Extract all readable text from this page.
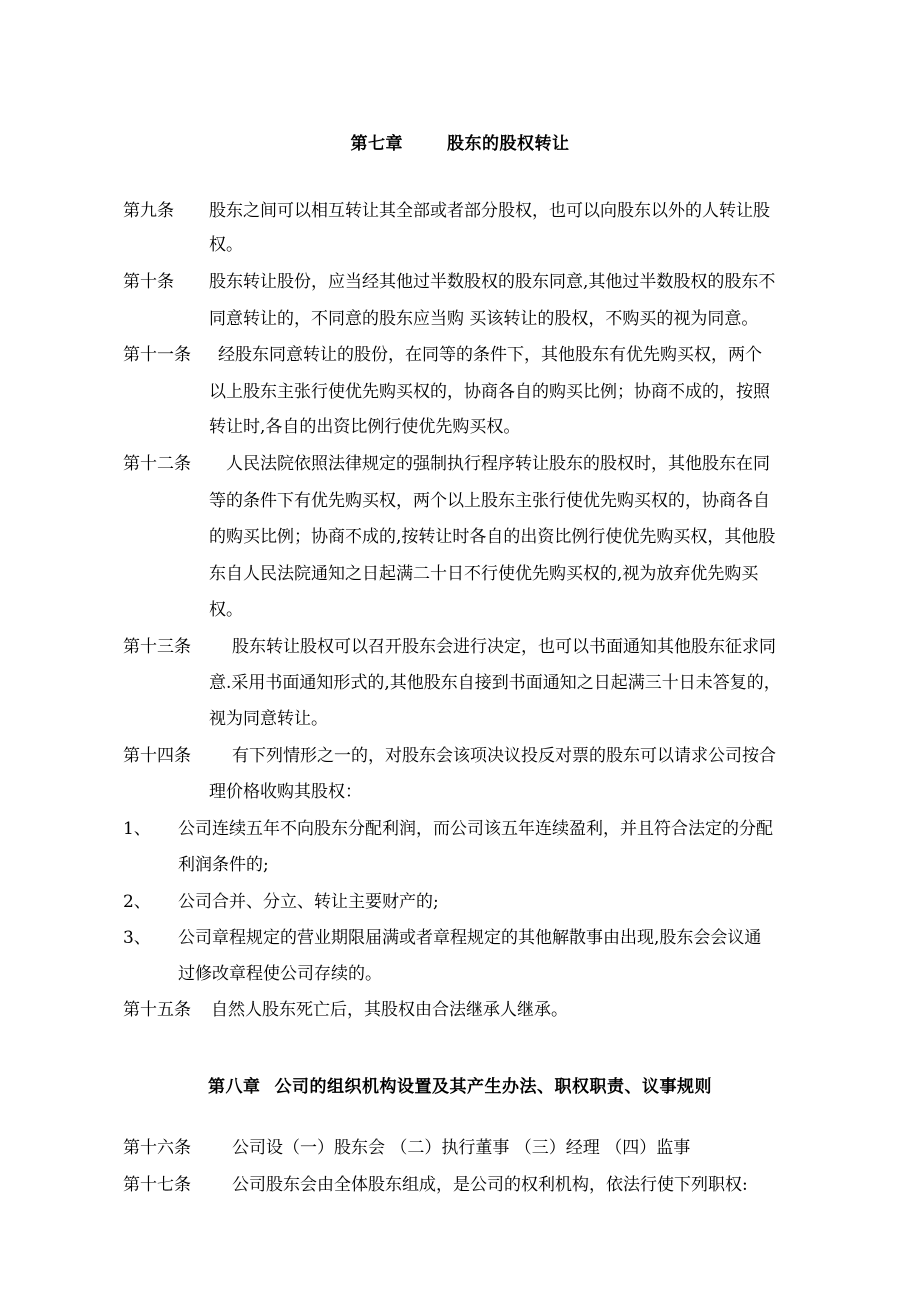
第七章	股东的股权转让
第九条 股东之间可以相互转让其全部或者部分股权，也可以向股东以外的人转让股
权。
第十条 股东转让股份，应当经其他过半数股权的股东同意,其他过半数股权的股东不
同意转让的，不同意的股东应当购 买该转让的股权，不购买的视为同意。
第十一条 经股东同意转让的股份，在同等的条件下，其他股东有优先购买权，两个
以上股东主张行使优先购买权的，协商各自的购买比例；协商不成的，按照
转让时,各自的出资比例行使优先购买权。
第十二条 人民法院依照法律规定的强制执行程序转让股东的股权时，其他股东在同
等的条件下有优先购买权，两个以上股东主张行使优先购买权的，协商各自
的购买比例；协商不成的,按转让时各自的出资比例行使优先购买权，其他股
东自人民法院通知之日起满二十日不行使优先购买权的,视为放弃优先购买
权。
第十三条 股东转让股权可以召开股东会进行决定，也可以书面通知其他股东征求同
意.采用书面通知形式的,其他股东自接到书面通知之日起满三十日未答复的，
视为同意转让。
第十四条 有下列情形之一的，对股东会该项决议投反对票的股东可以请求公司按合
理价格收购其股权：
1、 公司连续五年不向股东分配利润，而公司该五年连续盈利，并且符合法定的分配
利润条件的;
2、 公司合并、分立、转让主要财产的;
3、 公司章程规定的营业期限届满或者章程规定的其他解散事由出现,股东会会议通
过修改章程使公司存续的。
第十五条 自然人股东死亡后，其股权由合法继承人继承。
第八章 公司的组织机构设置及其产生办法、职权职责、议事规则
第十六条 公司设（一）股东会 （二）执行董事 （三）经理 （四）监事
第十七条 公司股东会由全体股东组成，是公司的权利机构，依法行使下列职权:
